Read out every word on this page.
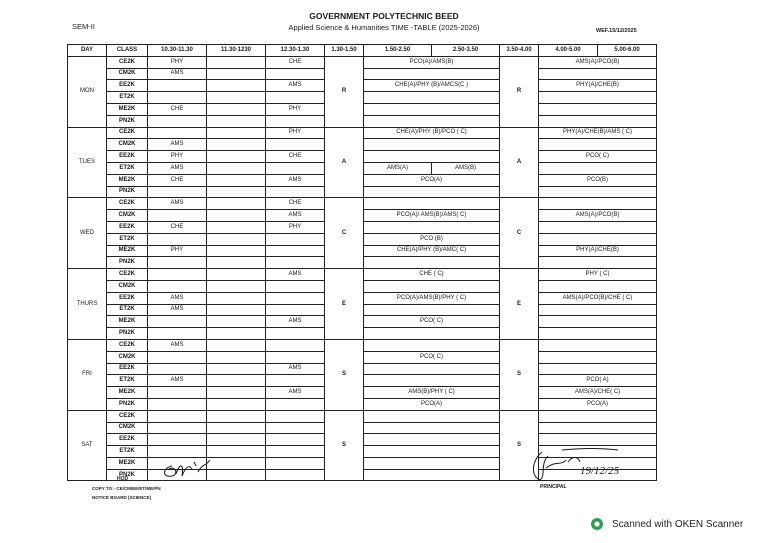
GOVERNMENT POLYTECHNIC BEED
Applied Science & Humanities TIME -TABLE (2025-2026)
SEM-II	WEF.15/12/2025
DAY	CLASS	10.30-11.30	11.30-1230	12.30-1.30	1.30-1.50	1.50-2.50	2.50-3.50	3.50-4.00	4.00-5.00	5.00-6.00
MON	CE2K	PHY		CHE	R	PCO(A)/AMS(B)		R	AMS(A)/PCO(B)	
	CM2K	AMS								
	EE2K			AMS		CHE(A)/PHY (B)/AMCS(C )			PHY(A)/CHE(B)	
	ET2K									
	ME2K	CHE		PHY						
	PN2K									
TUES	CE2K			PHY	A	CHE(A)/PHY (B)/PCO ( C)		A	PHY(A)/CHE(B)/AMS ( C)	
	CM2K	AMS								
	EE2K	PHY		CHE					PCO( C)	
	ET2K	AMS				AMS(A)	AMS(B)			
	ME2K	CHE		AMS		PCO(A)			PCO(B)	
	PN2K									
WED	CE2K	AMS		CHE	C			C		
	CM2K			AMS		PCO(A)/ AMS(B)/AMS( C)			AMS(A)/PCO(B)	
	EE2K	CHE		PHY						
	ET2K					PCO (B)				
	ME2K	PHY				CHE(A)/PHY (B)/AMC( C)			PHY(A)/CHE(B)	
	PN2K									
THURS	CE2K			AMS	E	CHE ( C)		E	PHY ( C)	
	CM2K									
	EE2K	AMS				PCO(A)/AMS(B)/PHY ( C)			AMS(A)/PCO(B)/CHE ( C)	
	ET2K	AMS								
	ME2K			AMS		PCO( C)				
	PN2K									
FRI	CE2K	AMS			S			S		
	CM2K					PCO( C)				
	EE2K			AMS						
	ET2K	AMS							PCO( A)	
	ME2K			AMS		AMS(B)/PHY ( C)			AMS(A)/CHE( C)	
	PN2K					PCO(A)			PCO(A)	
SAT	CE2K				S			S		
	CM2K									
	EE2K									
	ET2K									
	ME2K									
	PN2K									
HOD
COPY TO:- CE/CM/EE/ET/ME/PN
NOTICE BOARD (SCIENCE)
19/12/25
PRINCIPAL
Scanned with OKEN Scanner
